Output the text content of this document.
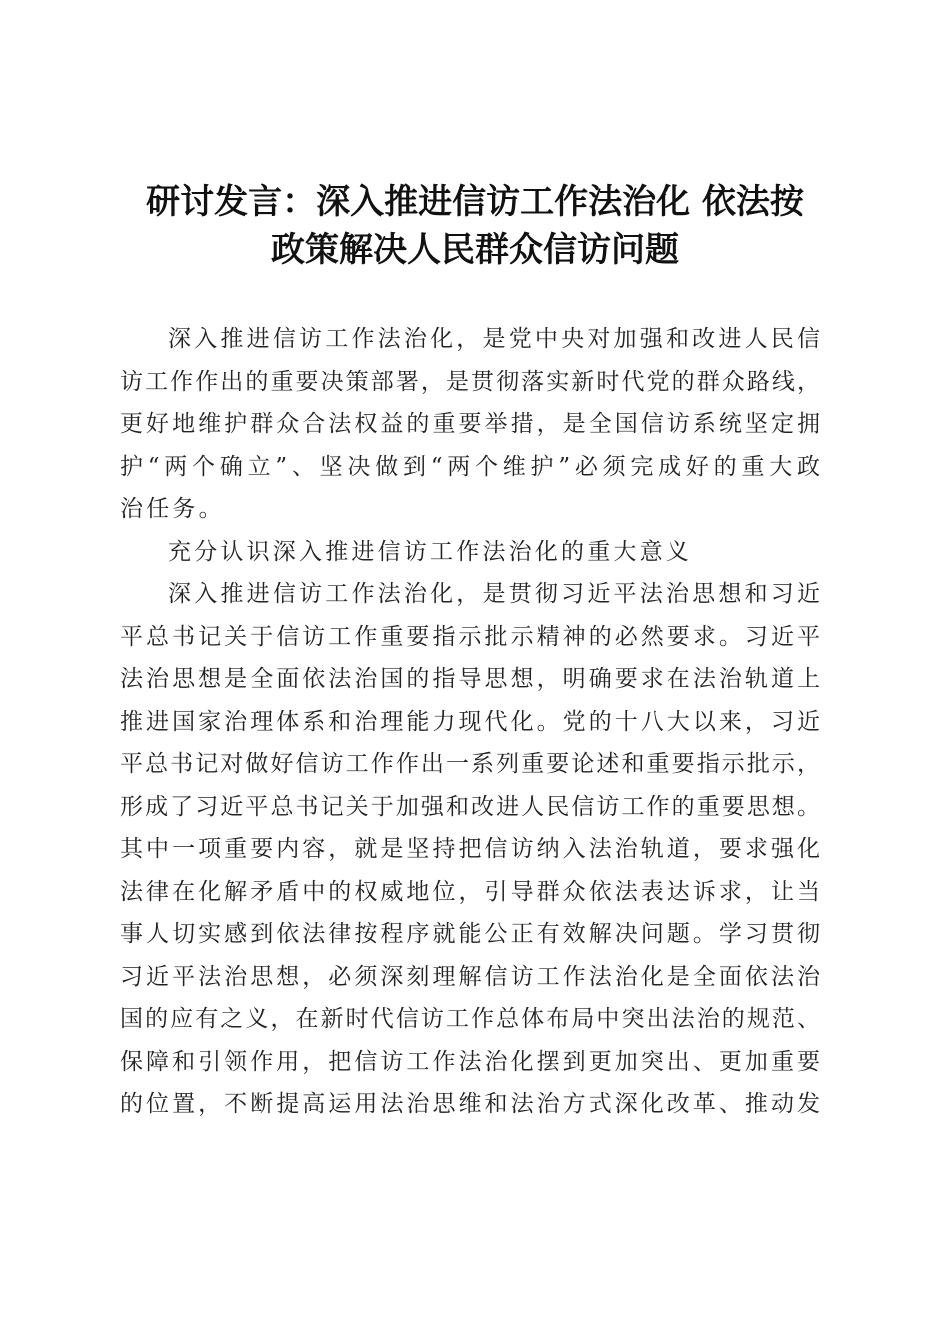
研讨发言：深入推进信访工作法治化 依法按
政策解决人民群众信访问题
深入推进信访工作法治化，是党中央对加强和改进人民信
访工作作出的重要决策部署，是贯彻落实新时代党的群众路线，
更好地维护群众合法权益的重要举措，是全国信访系统坚定拥
护“两个确立”、坚决做到“两个维护”必须完成好的重大政
治任务。
充分认识深入推进信访工作法治化的重大意义
深入推进信访工作法治化，是贯彻习近平法治思想和习近
平总书记关于信访工作重要指示批示精神的必然要求。习近平
法治思想是全面依法治国的指导思想，明确要求在法治轨道上
推进国家治理体系和治理能力现代化。党的十八大以来，习近
平总书记对做好信访工作作出一系列重要论述和重要指示批示，
形成了习近平总书记关于加强和改进人民信访工作的重要思想。
其中一项重要内容，就是坚持把信访纳入法治轨道，要求强化
法律在化解矛盾中的权威地位，引导群众依法表达诉求，让当
事人切实感到依法律按程序就能公正有效解决问题。学习贯彻
习近平法治思想，必须深刻理解信访工作法治化是全面依法治
国的应有之义，在新时代信访工作总体布局中突出法治的规范、
保障和引领作用，把信访工作法治化摆到更加突出、更加重要
的位置，不断提高运用法治思维和法治方式深化改革、推动发
